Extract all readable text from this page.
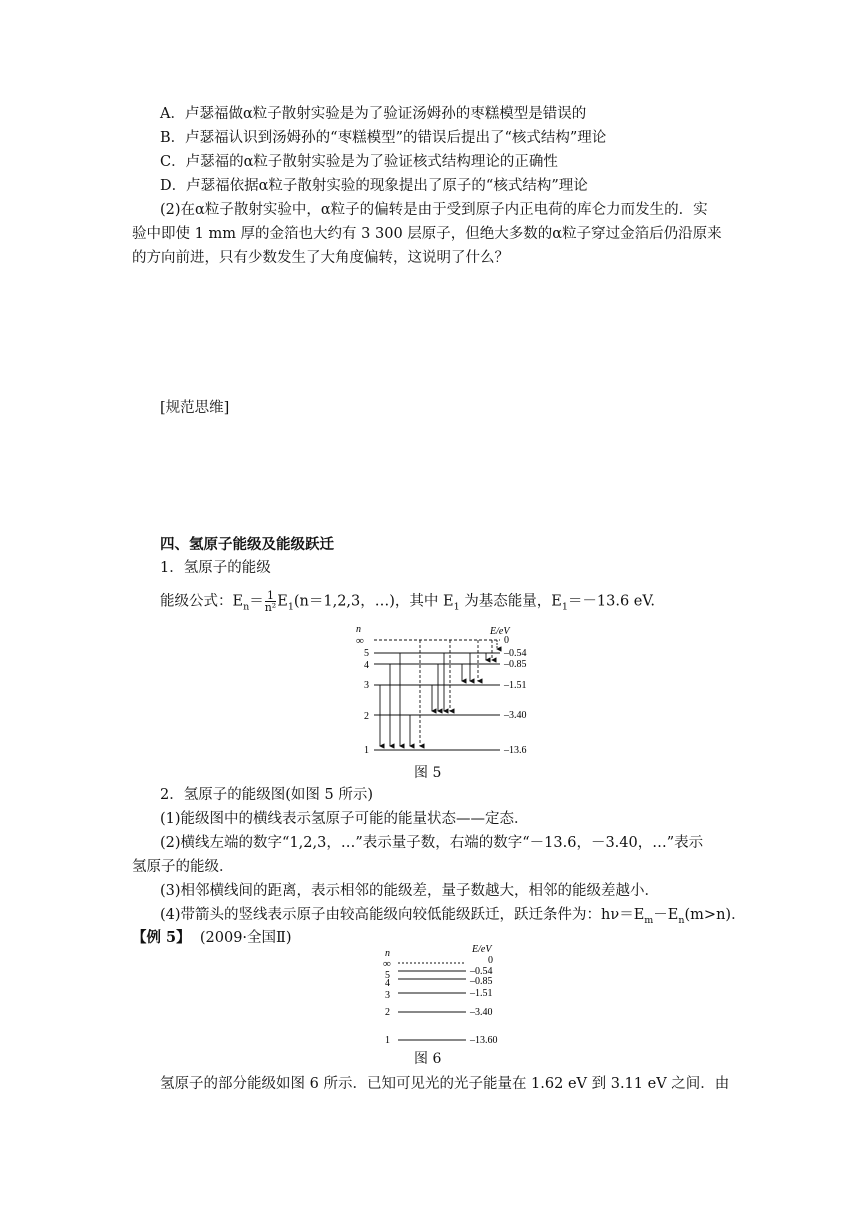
A．卢瑟福做α粒子散射实验是为了验证汤姆孙的枣糕模型是错误的
B．卢瑟福认识到汤姆孙的“枣糕模型”的错误后提出了“核式结构”理论
C．卢瑟福的α粒子散射实验是为了验证核式结构理论的正确性
D．卢瑟福依据α粒子散射实验的现象提出了原子的“核式结构”理论
(2)在α粒子散射实验中，α粒子的偏转是由于受到原子内正电荷的库仑力而发生的．实
验中即使 1 mm 厚的金箔也大约有 3 300 层原子，但绝大多数的α粒子穿过金箔后仍沿原来
的方向前进，只有少数发生了大角度偏转，这说明了什么？
[规范思维]
四、氢原子能级及能级跃迁
1．氢原子的能级
能级公式：$E_n= \frac{1}{\text{n²}} E_1(n=1,2,3$，…)，其中 $E_1$ 为基态能量，$E_1=-13.6$ eV.
n	E/eV
∞	0
5	–0.54
4	–0.85
3	–1.51
2	–3.40
1	–13.6
图 5
2．氢原子的能级图(如图 5 所示)
(1)能级图中的横线表示氢原子可能的能量状态——定态．
(2)横线左端的数字“1,2,3，…”表示量子数，右端的数字“－13.6，－3.40，…”表示
氢原子的能级．
(3)相邻横线间的距离，表示相邻的能级差，量子数越大，相邻的能级差越小．
(4)带箭头的竖线表示原子由较高能级向较低能级跃迁，跃迁条件为：$h\nu=E_m-E_n(m>n)$．
【例 5】 (2009·全国Ⅱ)
n	E/eV
∞	0
5	–0.54
4	–0.85
3	–1.51
2	–3.40
1	–13.60
图 6
氢原子的部分能级如图 6 所示．已知可见光的光子能量在 1.62 eV 到 3.11 eV 之间．由
